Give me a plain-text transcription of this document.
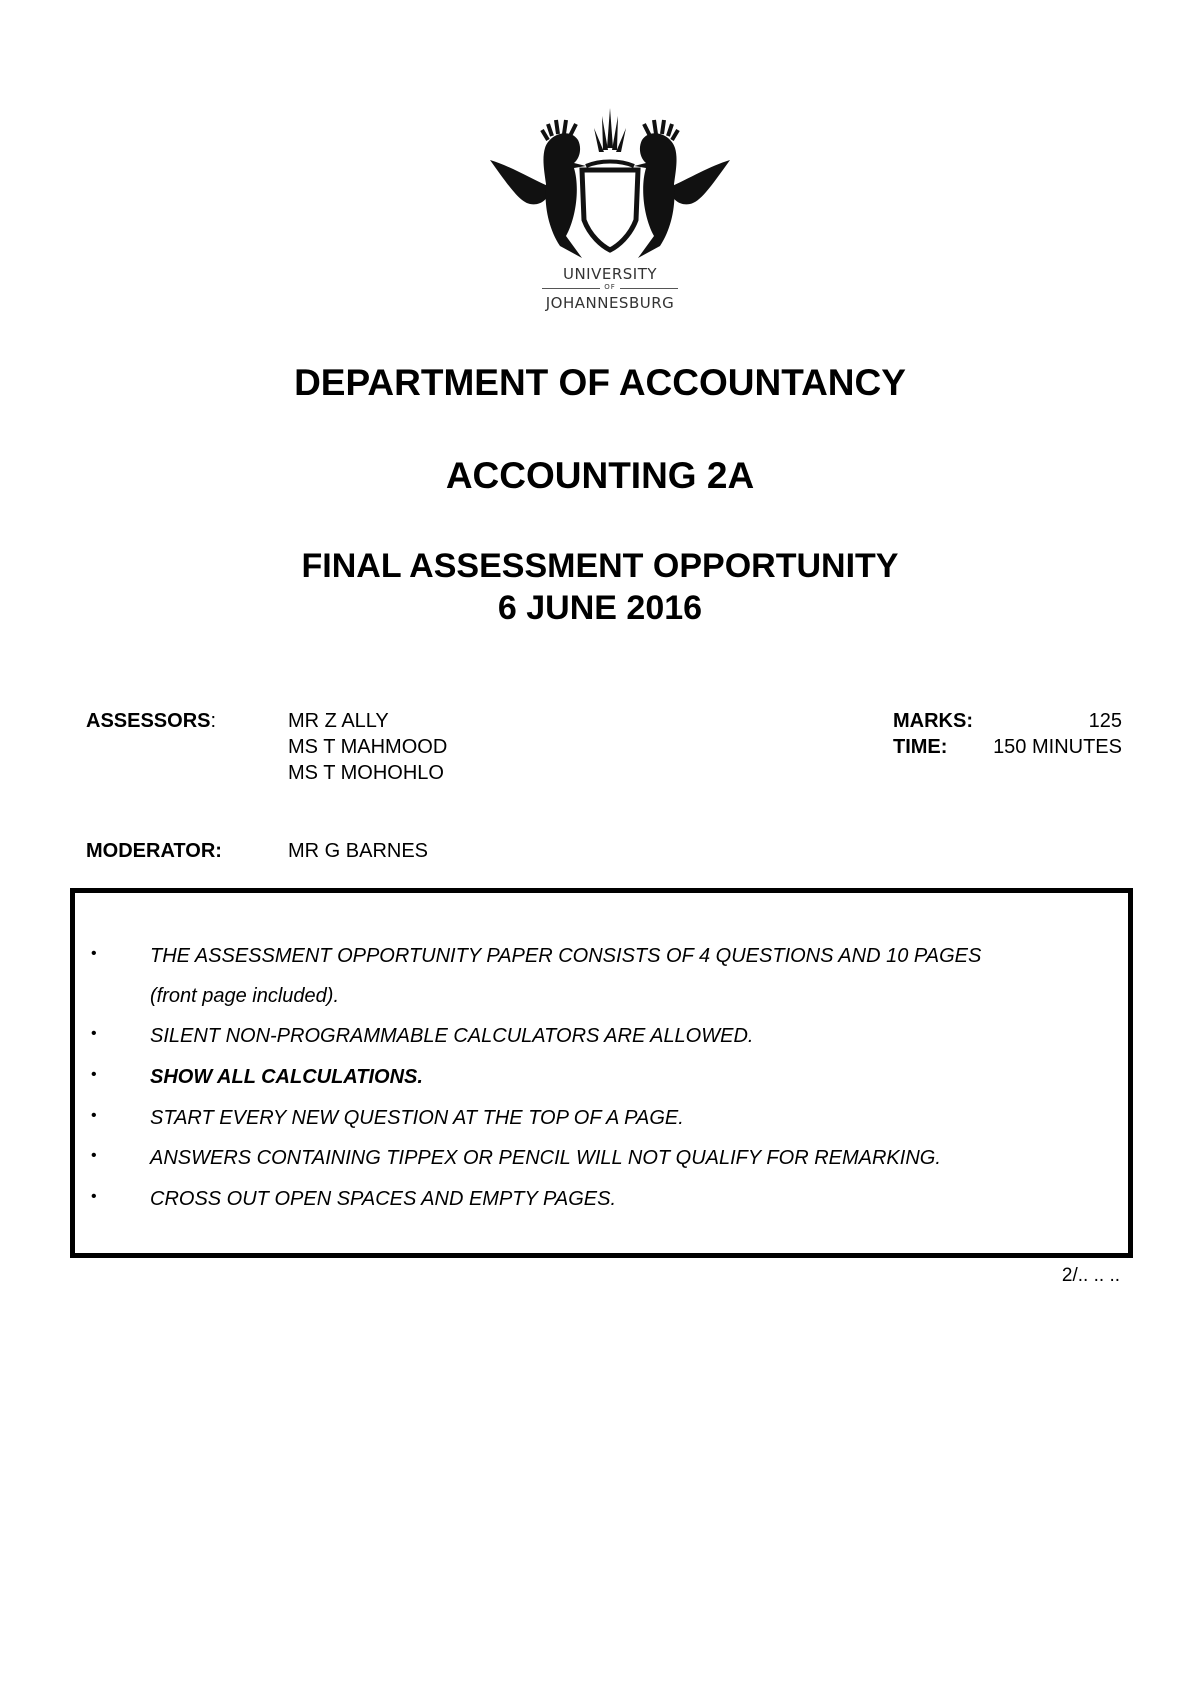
UNIVERSITY
OF
JOHANNESBURG
DEPARTMENT OF ACCOUNTANCY
ACCOUNTING 2A
FINAL ASSESSMENT OPPORTUNITY
6 JUNE 2016
ASSESSORS:	MR Z ALLY
MS T MAHMOOD
MS T MOHOHLO
MARKS:	125
TIME: 150 MINUTES
MODERATOR:	MR G BARNES
•	THE ASSESSMENT OPPORTUNITY PAPER CONSISTS OF 4 QUESTIONS AND 10 PAGES
(front page included).
•	SILENT NON-PROGRAMMABLE CALCULATORS ARE ALLOWED.
•	SHOW ALL CALCULATIONS.
•	START EVERY NEW QUESTION AT THE TOP OF A PAGE.
•	ANSWERS CONTAINING TIPPEX OR PENCIL WILL NOT QUALIFY FOR REMARKING.
•	CROSS OUT OPEN SPACES AND EMPTY PAGES.
2/.. .. ..
